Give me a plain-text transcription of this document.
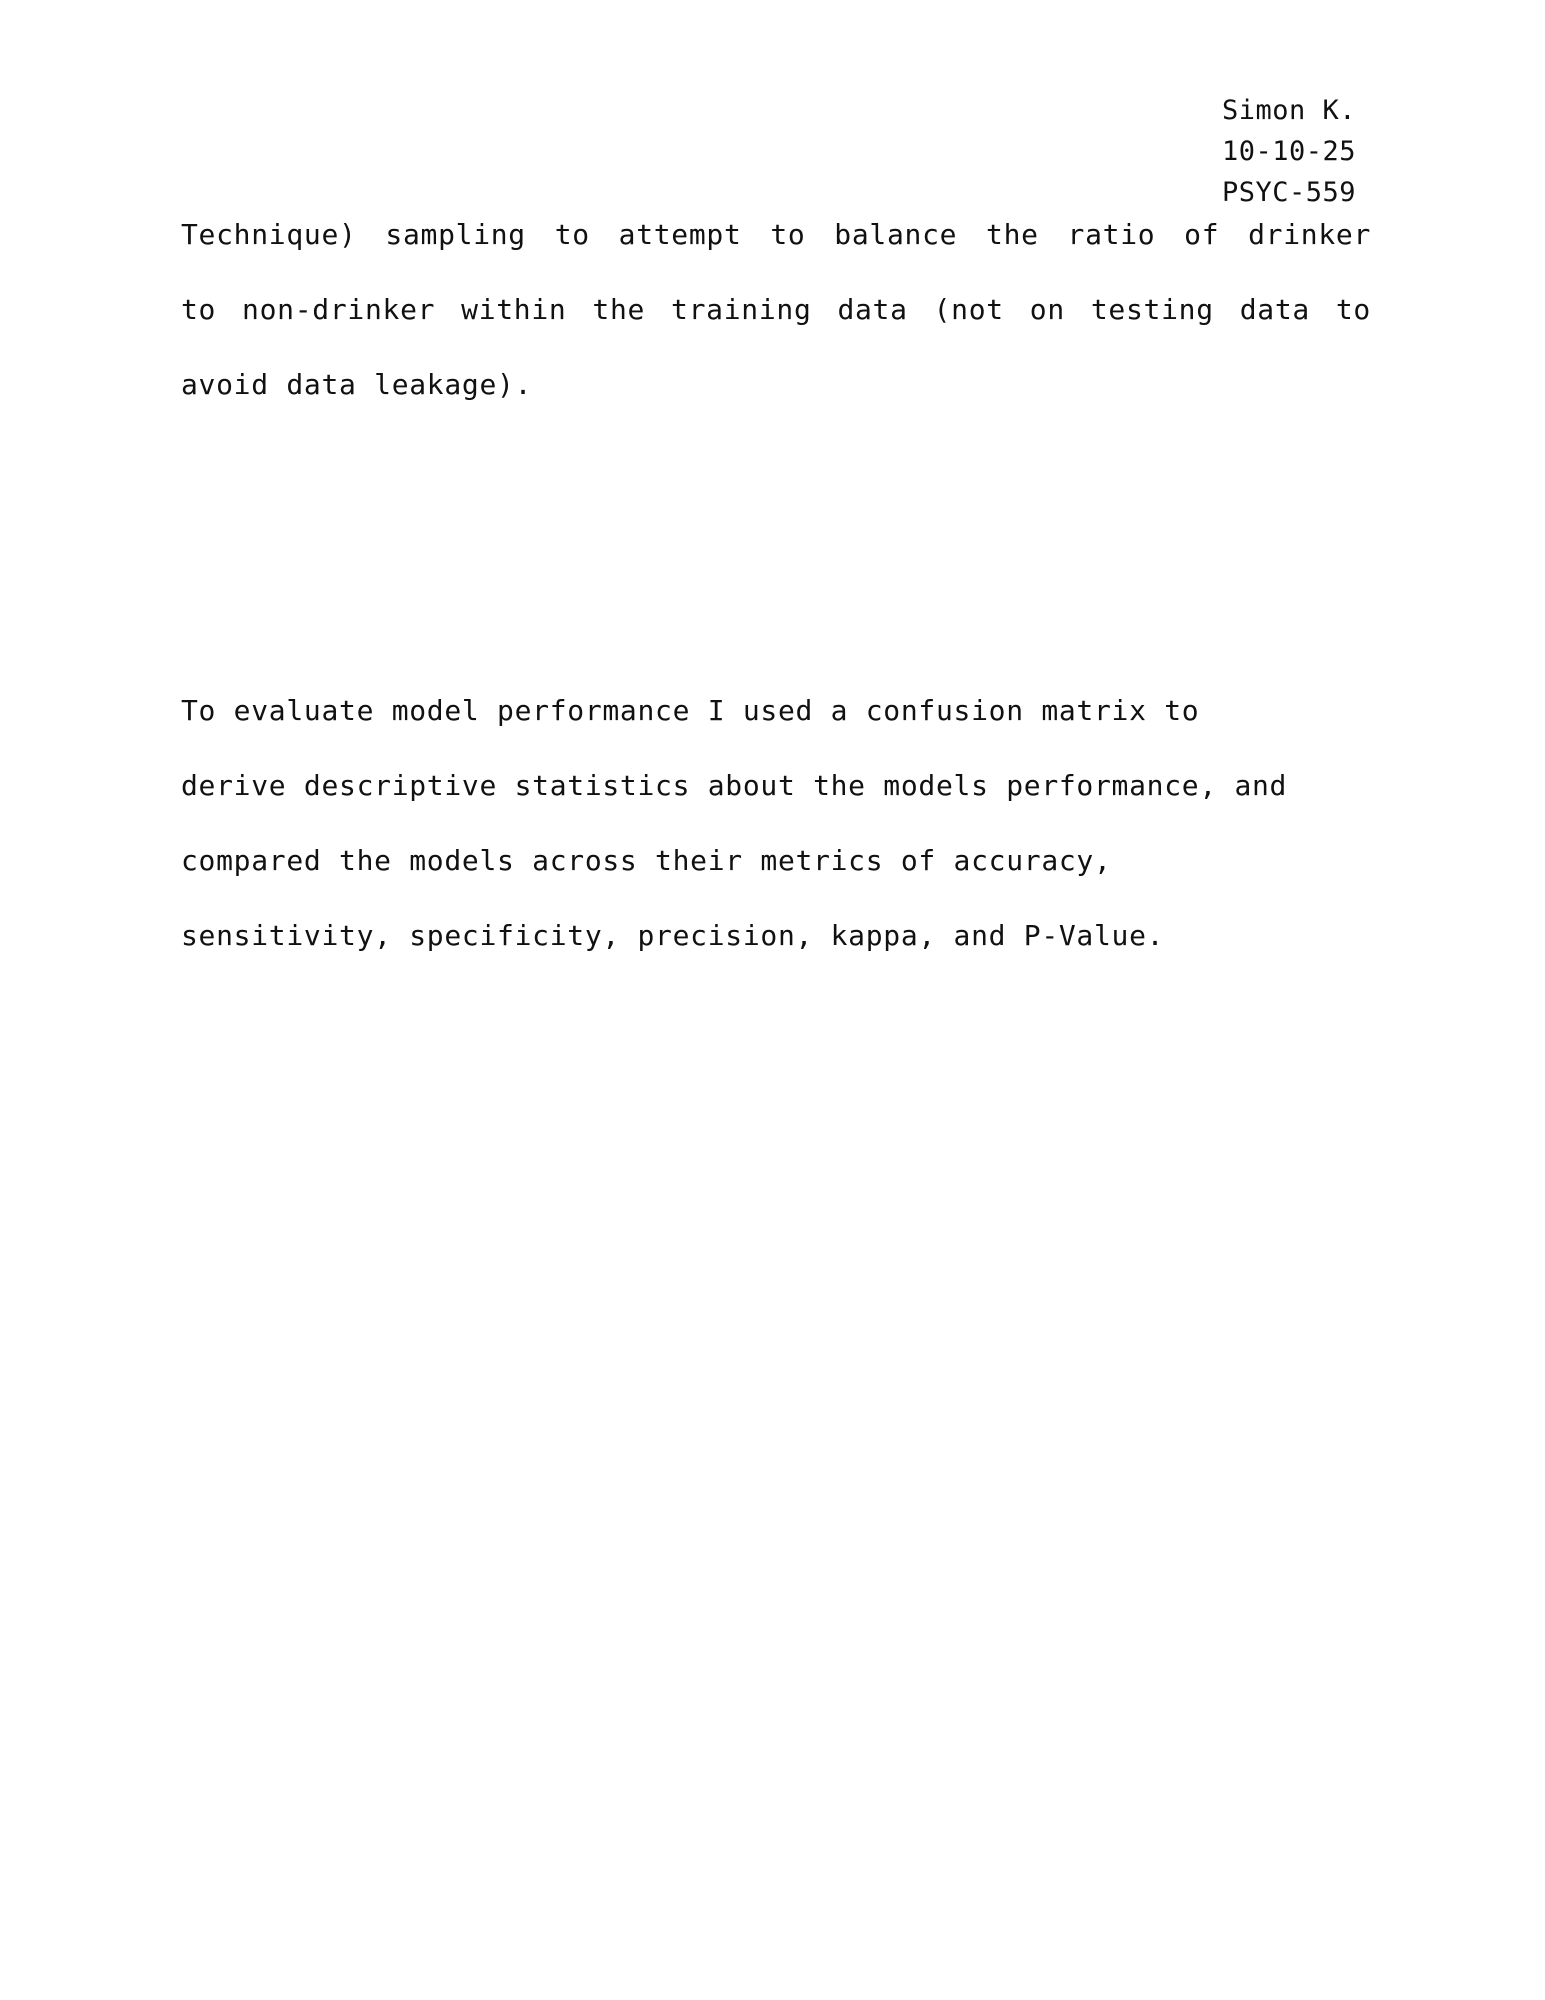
Simon K.
10-10-25
PSYC-559
Technique) sampling to attempt to balance the ratio of drinker
to non-drinker within the training data (not on testing data to
avoid data leakage).
To evaluate model performance I used a confusion matrix to
derive descriptive statistics about the models performance, and
compared the models across their metrics of accuracy,
sensitivity, specificity, precision, kappa, and P-Value.
